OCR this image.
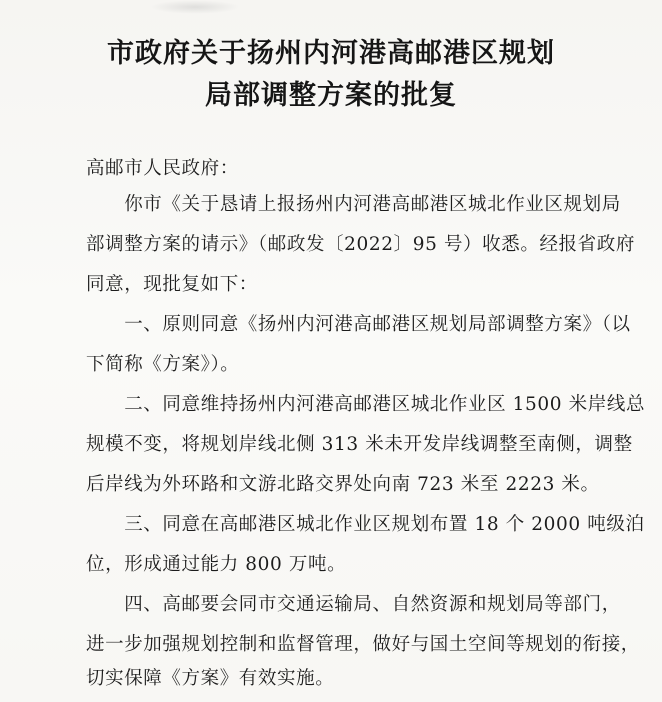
市政府关于扬州内河港高邮港区规划
局部调整方案的批复
高邮市人民政府：
　　你市《关于恳请上报扬州内河港高邮港区城北作业区规划局
部调整方案的请示》（邮政发〔2022〕95 号）收悉。经报省政府
同意，现批复如下：
　　一、原则同意《扬州内河港高邮港区规划局部调整方案》（以
下简称《方案》）。
　　二、同意维持扬州内河港高邮港区城北作业区 1500 米岸线总
规模不变，将规划岸线北侧 313 米未开发岸线调整至南侧，调整
后岸线为外环路和文游北路交界处向南 723 米至 2223 米。
　　三、同意在高邮港区城北作业区规划布置 18 个 2000 吨级泊
位，形成通过能力 800 万吨。
　　四、高邮要会同市交通运输局、自然资源和规划局等部门，
进一步加强规划控制和监督管理，做好与国土空间等规划的衔接，
切实保障《方案》有效实施。
